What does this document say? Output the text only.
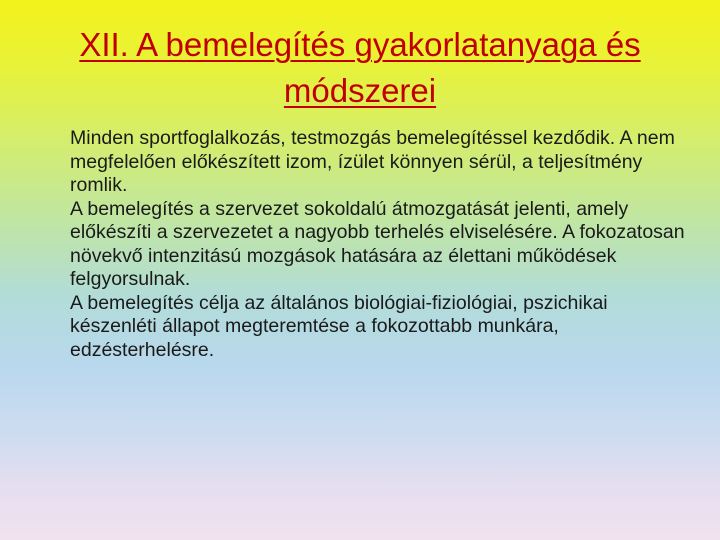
XII. A bemelegítés gyakorlatanyaga és módszerei

Minden sportfoglalkozás, testmozgás bemelegítéssel kezdődik. A nem megfelelően előkészített izom, ízület könnyen sérül, a teljesítmény romlik.

A bemelegítés a szervezet sokoldalú átmozgatását jelenti, amely előkészíti a szervezetet a nagyobb terhelés elviselésére. A fokozatosan növekvő intenzitású mozgások hatására az élettani működések felgyorsulnak.

A bemelegítés célja az általános biológiai-fiziológiai, pszichikai készenléti állapot megteremtése a fokozottabb munkára, edzésterhelésre.
